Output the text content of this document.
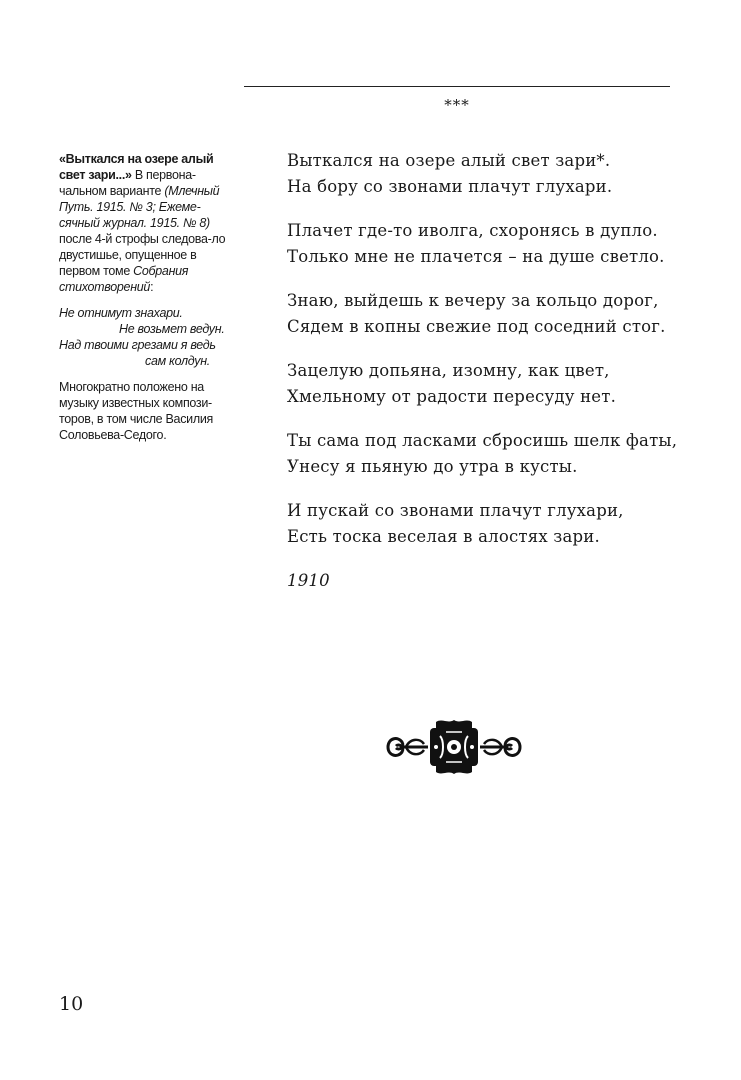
***

«Выткался на озере алый свет зари...» В первона-чальном варианте (Млечный Путь. 1915. № 3; Ежеме-сячный журнал. 1915. № 8) после 4-й строфы следова-ло двустишье, опущенное в первом томе Собрания стихотворений:

Не отнимут знахари.
Не возьмет ведун.
Над твоими грезами я ведь
сам колдун.

Многократно положено на музыку известных компози-торов, в том числе Василия Соловьева-Седого.

Выткался на озере алый свет зари*.
На бору со звонами плачут глухари.
Плачет где-то иволга, схоронясь в дупло.
Только мне не плачется – на душе светло.
Знаю, выйдешь к вечеру за кольцо дорог,
Сядем в копны свежие под соседний стог.
Зацелую допьяна, изомну, как цвет,
Хмельному от радости пересуду нет.
Ты сама под ласками сбросишь шелк фаты,
Унесу я пьяную до утра в кусты.
И пускай со звонами плачут глухари,
Есть тоска веселая в алостях зари.
1910
10
